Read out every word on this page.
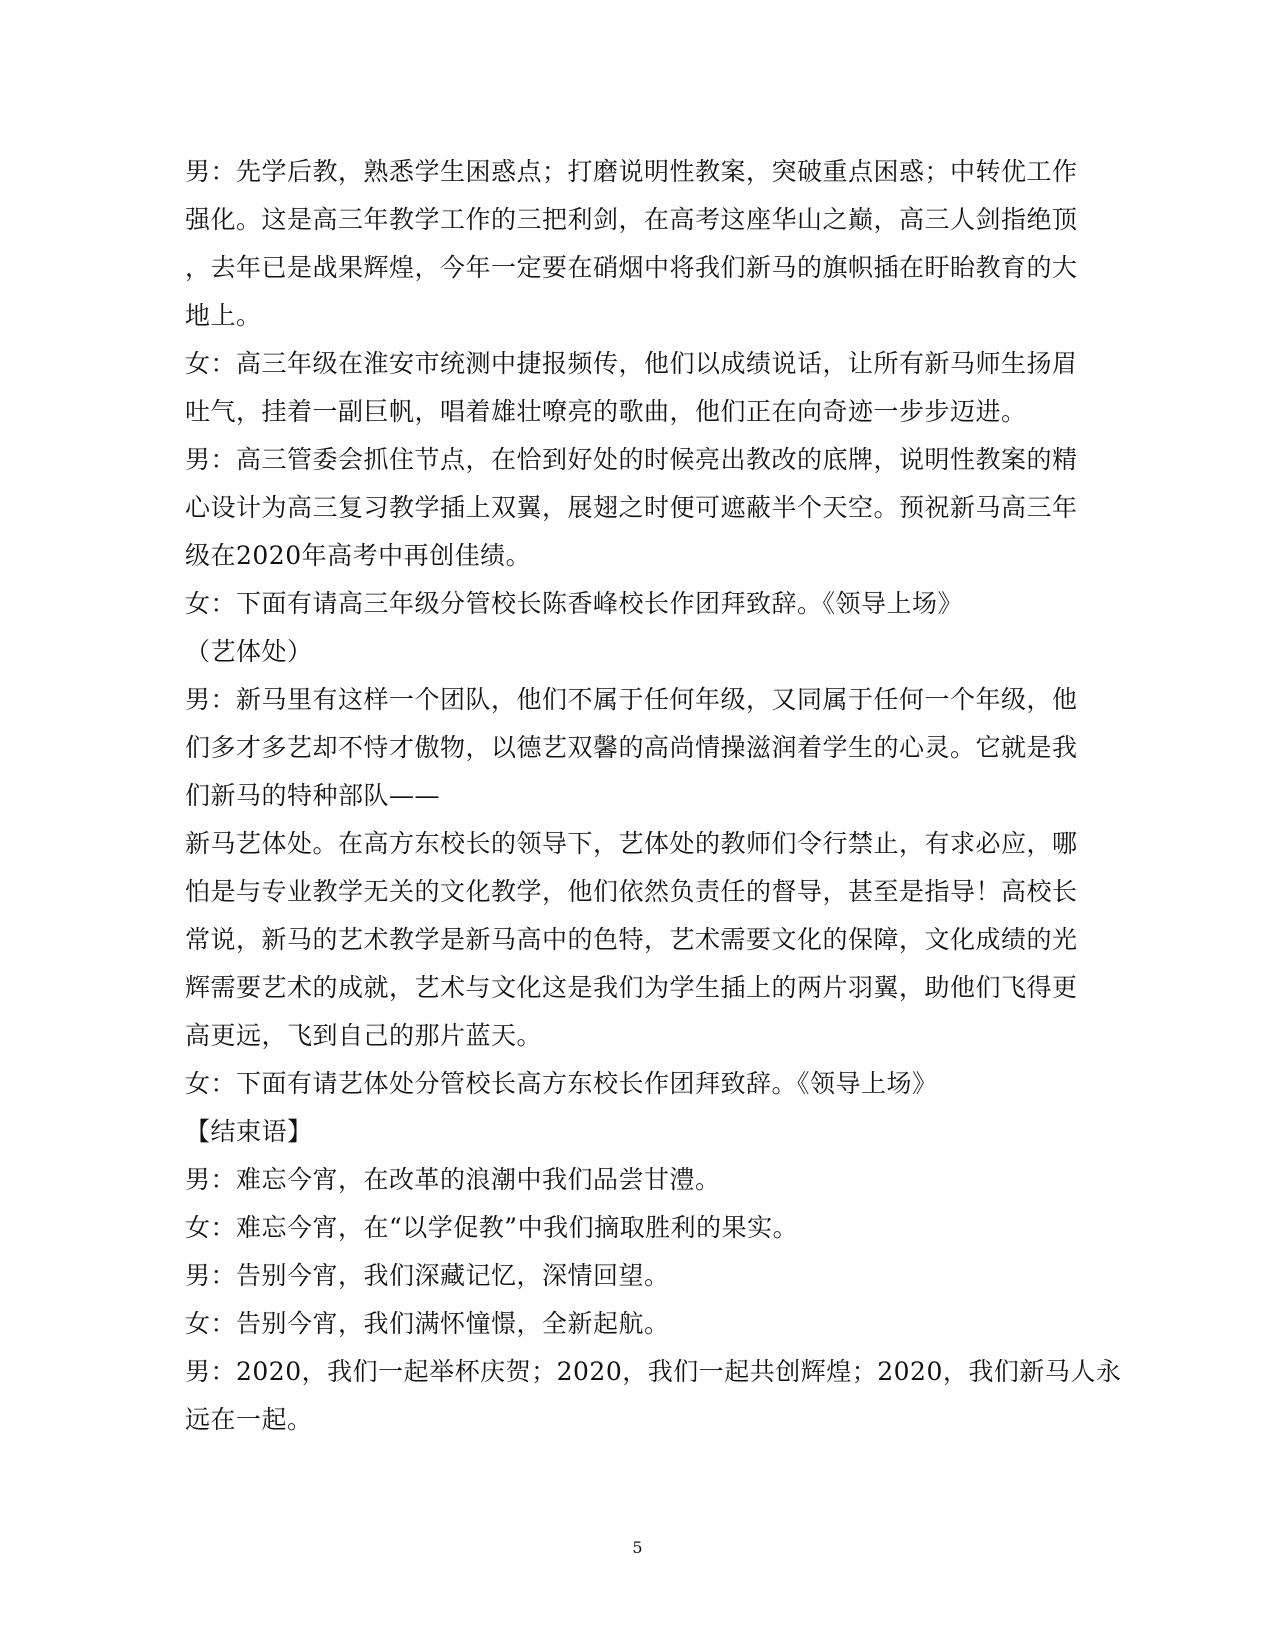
男：先学后教，熟悉学生困惑点；打磨说明性教案，突破重点困惑；中转优工作
强化。这是高三年教学工作的三把利剑，在高考这座华山之巅，高三人剑指绝顶
，去年已是战果辉煌，今年一定要在硝烟中将我们新马的旗帜插在盱眙教育的大
地上。
女：高三年级在淮安市统测中捷报频传，他们以成绩说话，让所有新马师生扬眉
吐气，挂着一副巨帆，唱着雄壮嘹亮的歌曲，他们正在向奇迹一步步迈进。
男：高三管委会抓住节点，在恰到好处的时候亮出教改的底牌，说明性教案的精
心设计为高三复习教学插上双翼，展翅之时便可遮蔽半个天空。预祝新马高三年
级在2020年高考中再创佳绩。
女：下面有请高三年级分管校长陈香峰校长作团拜致辞。《领导上场》
（艺体处）
男：新马里有这样一个团队，他们不属于任何年级，又同属于任何一个年级，他
们多才多艺却不恃才傲物，以德艺双馨的高尚情操滋润着学生的心灵。它就是我
们新马的特种部队——
新马艺体处。在高方东校长的领导下，艺体处的教师们令行禁止，有求必应，哪
怕是与专业教学无关的文化教学，他们依然负责任的督导，甚至是指导！高校长
常说，新马的艺术教学是新马高中的色特，艺术需要文化的保障，文化成绩的光
辉需要艺术的成就，艺术与文化这是我们为学生插上的两片羽翼，助他们飞得更
高更远，飞到自己的那片蓝天。
女：下面有请艺体处分管校长高方东校长作团拜致辞。《领导上场》
【结束语】
男：难忘今宵，在改革的浪潮中我们品尝甘澧。
女：难忘今宵，在“以学促教”中我们摘取胜利的果实。
男：告别今宵，我们深藏记忆，深情回望。
女：告别今宵，我们满怀憧憬，全新起航。
男：2020，我们一起举杯庆贺；2020，我们一起共创辉煌；2020，我们新马人永
远在一起。
5
